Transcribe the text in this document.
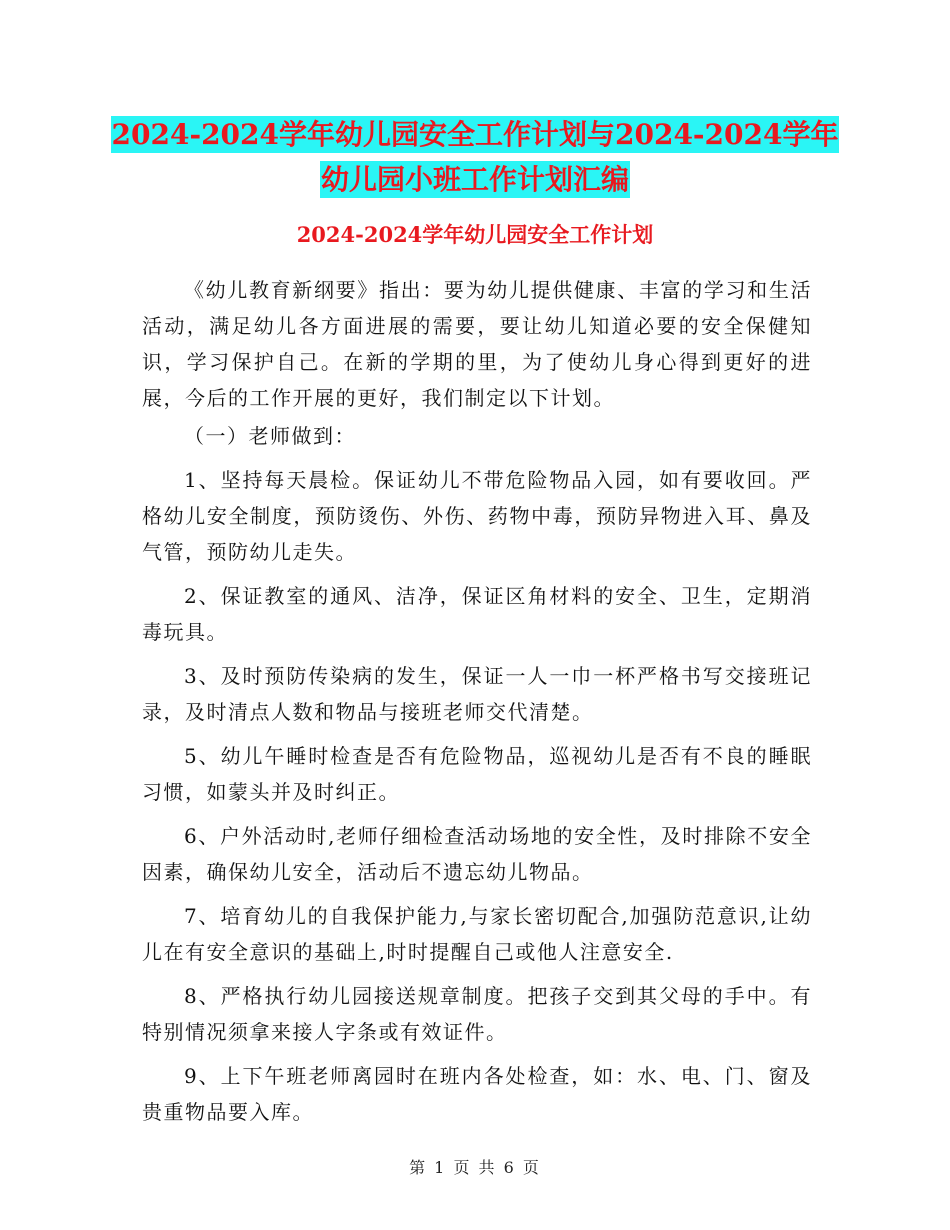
2024-2024学年幼儿园安全工作计划与2024-2024学年
幼儿园小班工作计划汇编
2024-2024学年幼儿园安全工作计划

《幼儿教育新纲要》指出：要为幼儿提供健康、丰富的学习和生活活动，满足幼儿各方面进展的需要，要让幼儿知道必要的安全保健知识，学习保护自己。在新的学期的里，为了使幼儿身心得到更好的进展，今后的工作开展的更好，我们制定以下计划。

（一）老师做到：

1、坚持每天晨检。保证幼儿不带危险物品入园，如有要收回。严格幼儿安全制度，预防烫伤、外伤、药物中毒，预防异物进入耳、鼻及气管，预防幼儿走失。

2、保证教室的通风、洁净，保证区角材料的安全、卫生，定期消毒玩具。

3、及时预防传染病的发生，保证一人一巾一杯严格书写交接班记录，及时清点人数和物品与接班老师交代清楚。

5、幼儿午睡时检查是否有危险物品，巡视幼儿是否有不良的睡眠习惯，如蒙头并及时纠正。

6、户外活动时,老师仔细检查活动场地的安全性，及时排除不安全因素，确保幼儿安全，活动后不遗忘幼儿物品。

7、培育幼儿的自我保护能力,与家长密切配合,加强防范意识,让幼儿在有安全意识的基础上,时时提醒自己或他人注意安全.

8、严格执行幼儿园接送规章制度。把孩子交到其父母的手中。有特别情况须拿来接人字条或有效证件。

9、上下午班老师离园时在班内各处检查，如：水、电、门、窗及贵重物品要入库。

第 1 页 共 6 页
